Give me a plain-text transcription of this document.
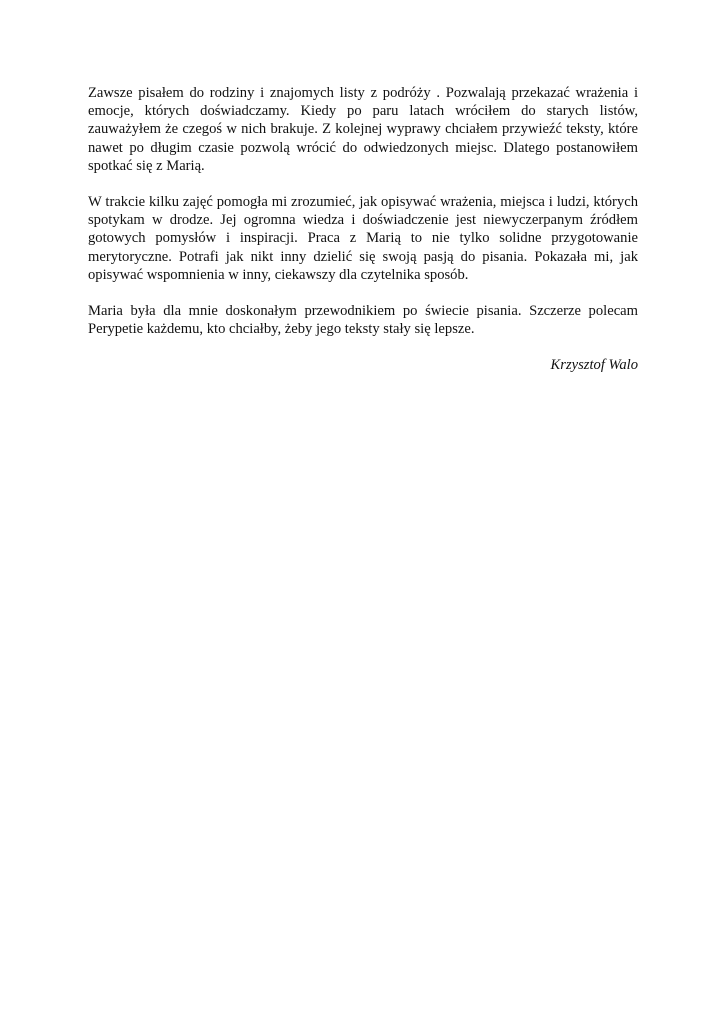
Zawsze pisałem do rodziny i znajomych listy z podróży . Pozwalają przekazać wrażenia i emocje, których doświadczamy. Kiedy po paru latach wróciłem do starych listów, zauważyłem że czegoś w nich brakuje. Z kolejnej wyprawy chciałem przywieźć teksty, które nawet po długim czasie pozwolą wrócić do odwiedzonych miejsc. Dlatego postanowiłem spotkać się z Marią.

W trakcie kilku zajęć pomogła mi zrozumieć, jak opisywać wrażenia, miejsca i ludzi, których spotykam w drodze. Jej ogromna wiedza i doświadczenie jest niewyczerpanym źródłem gotowych pomysłów i inspiracji. Praca z Marią to nie tylko solidne przygotowanie merytoryczne. Potrafi jak nikt inny dzielić się swoją pasją do pisania. Pokazała mi, jak opisywać wspomnienia w inny, ciekawszy dla czytelnika sposób.

Maria była dla mnie doskonałym przewodnikiem po świecie pisania. Szczerze polecam Perypetie każdemu, kto chciałby, żeby jego teksty stały się lepsze.

Krzysztof Walo
